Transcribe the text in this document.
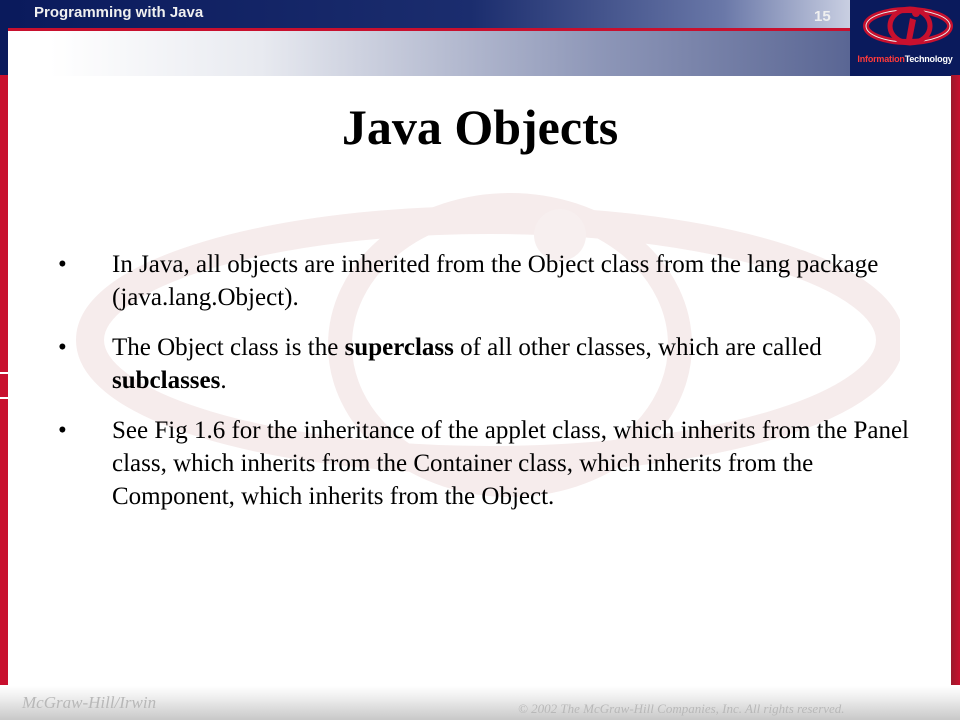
Programming with Java	15
InformationTechnology
Java Objects
• In Java, all objects are inherited from the Object class from the lang package (java.lang.Object).
• The Object class is the superclass of all other classes, which are called subclasses.
• See Fig 1.6 for the inheritance of the applet class, which inherits from the Panel class, which inherits from the Container class, which inherits from the Component, which inherits from the Object.
McGraw-Hill/Irwin	© 2002 The McGraw-Hill Companies, Inc. All rights reserved.
